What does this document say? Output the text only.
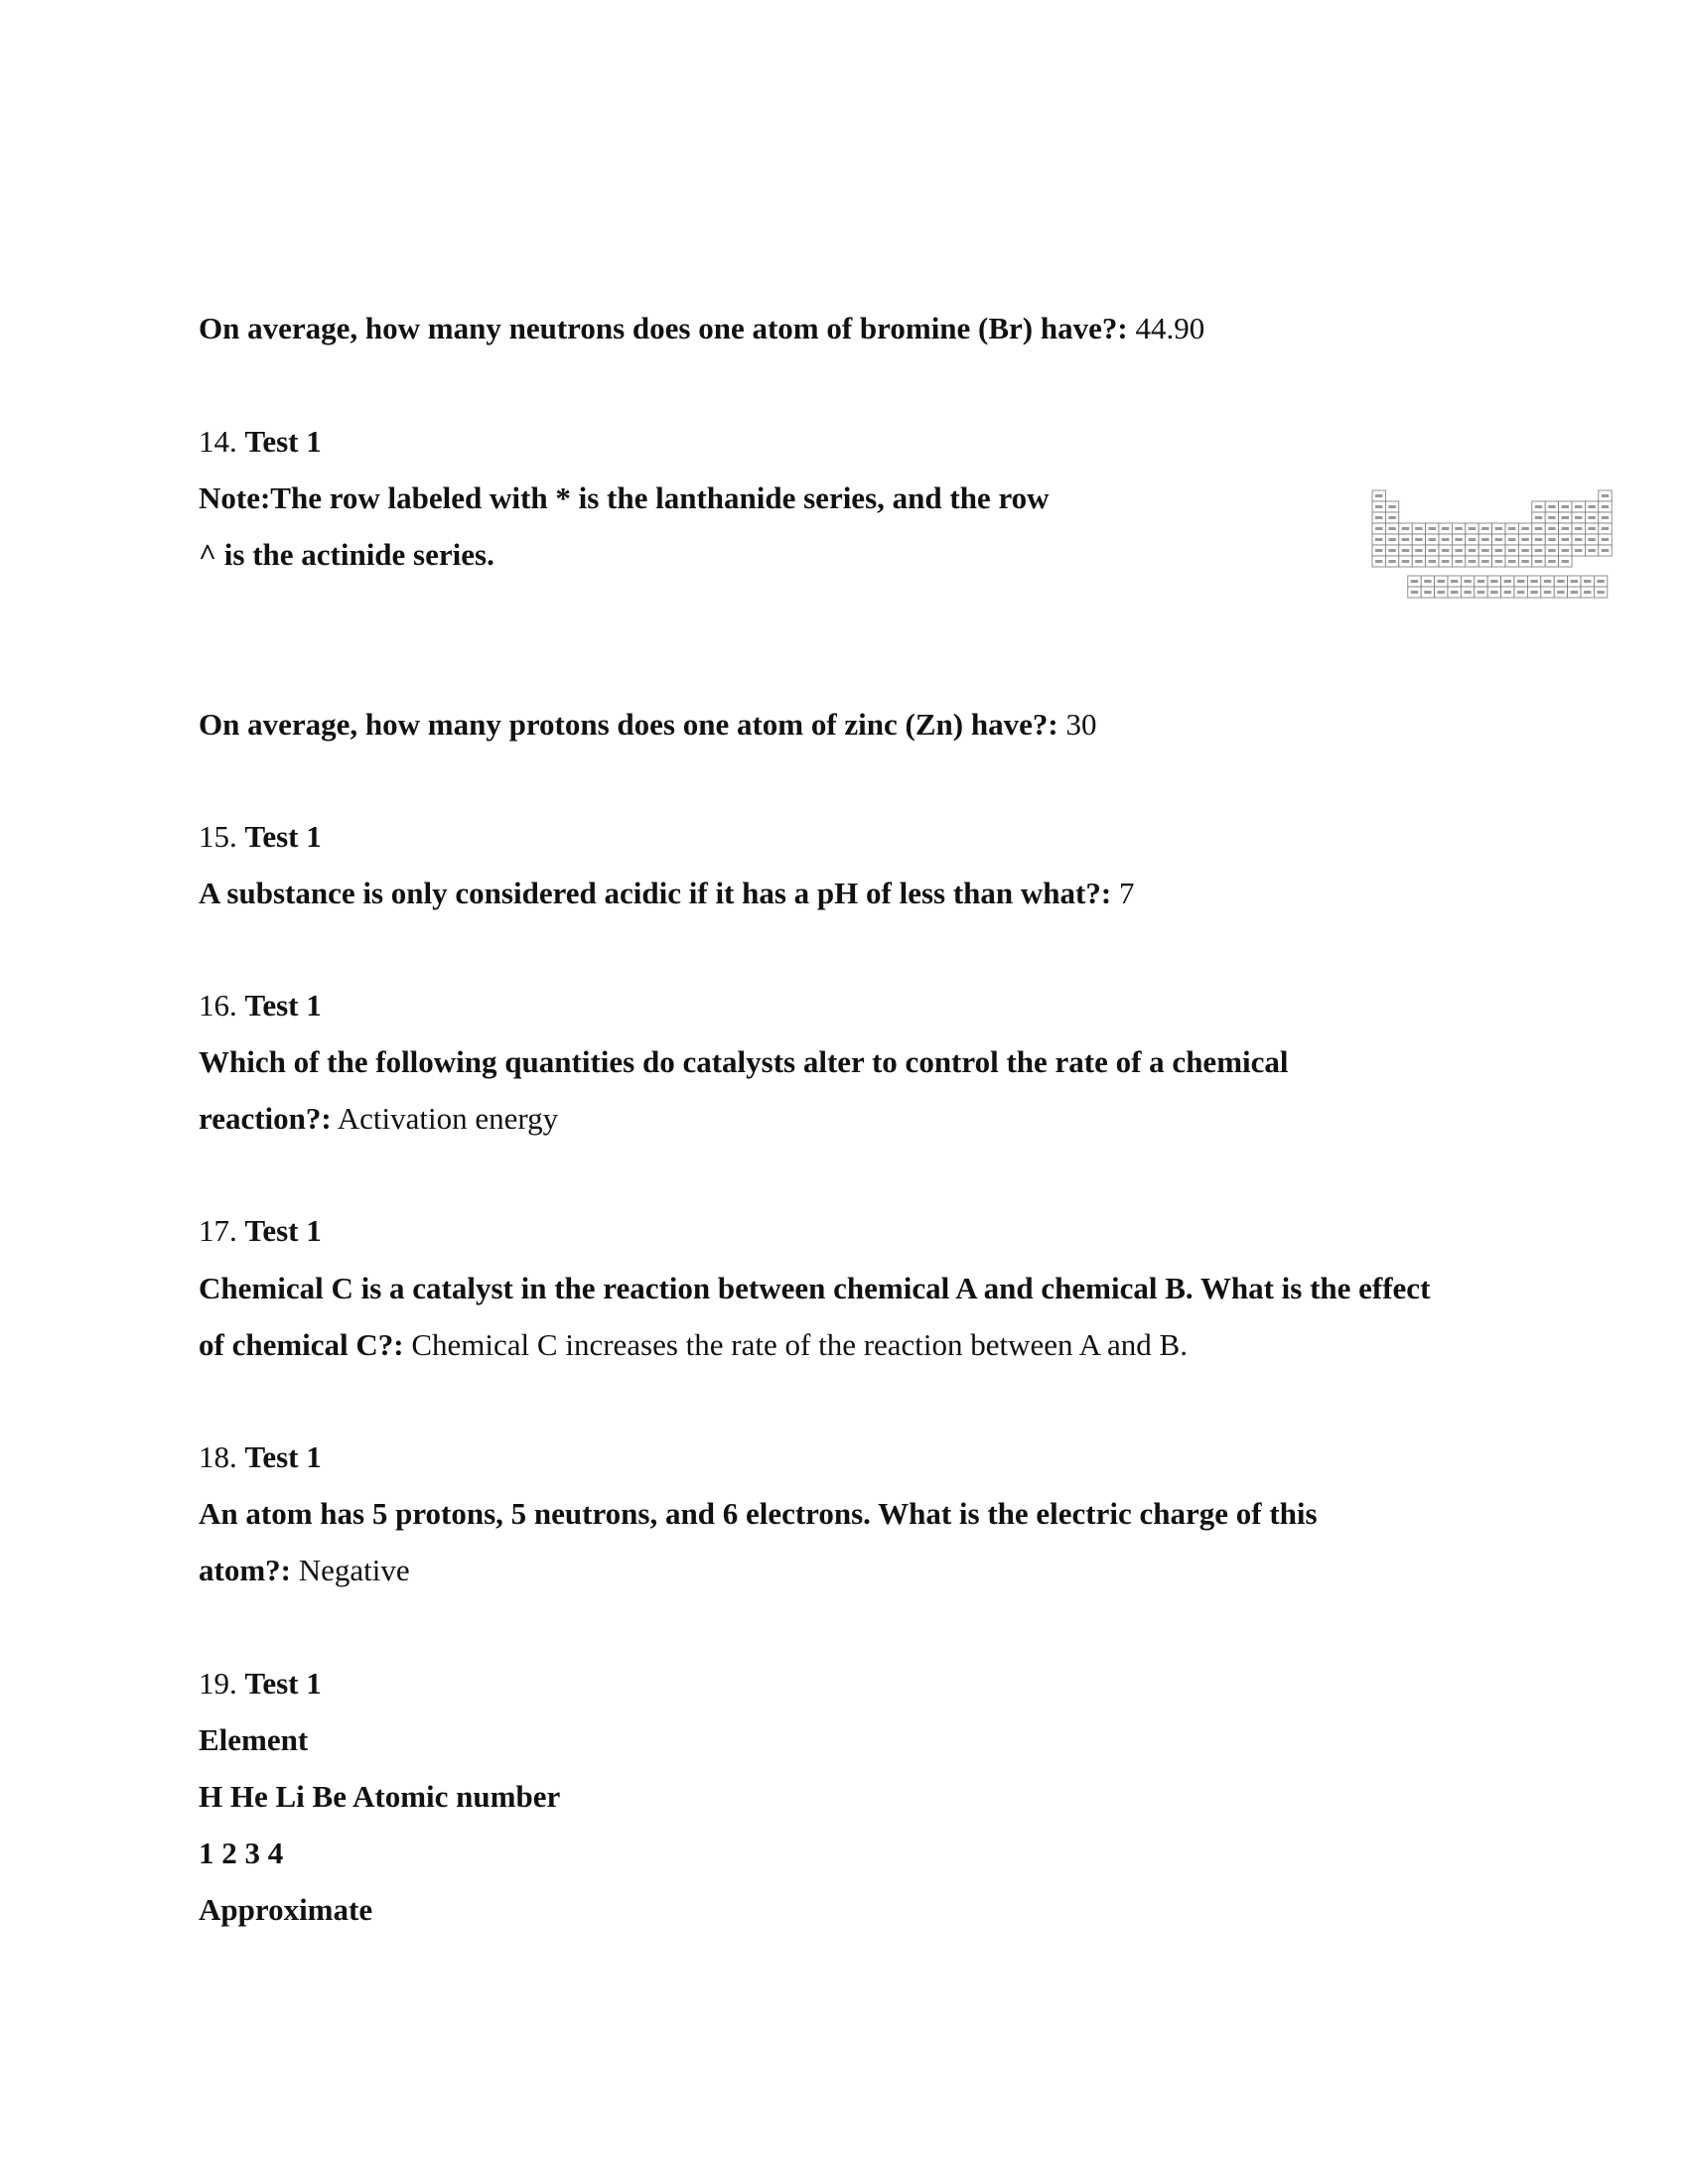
On average, how many neutrons does one atom of bromine (Br) have?: 44.90
14. Test 1
Note:The row labeled with * is the lanthanide series, and the row
^ is the actinide series.
On average, how many protons does one atom of zinc (Zn) have?: 30
15. Test 1
A substance is only considered acidic if it has a pH of less than what?: 7
16. Test 1
Which of the following quantities do catalysts alter to control the rate of a chemical
reaction?: Activation energy
17. Test 1
Chemical C is a catalyst in the reaction between chemical A and chemical B. What is the effect
of chemical C?: Chemical C increases the rate of the reaction between A and B.
18. Test 1
An atom has 5 protons, 5 neutrons, and 6 electrons. What is the electric charge of this
atom?: Negative
19. Test 1
Element
H He Li Be Atomic number
1 2 3 4
Approximate
